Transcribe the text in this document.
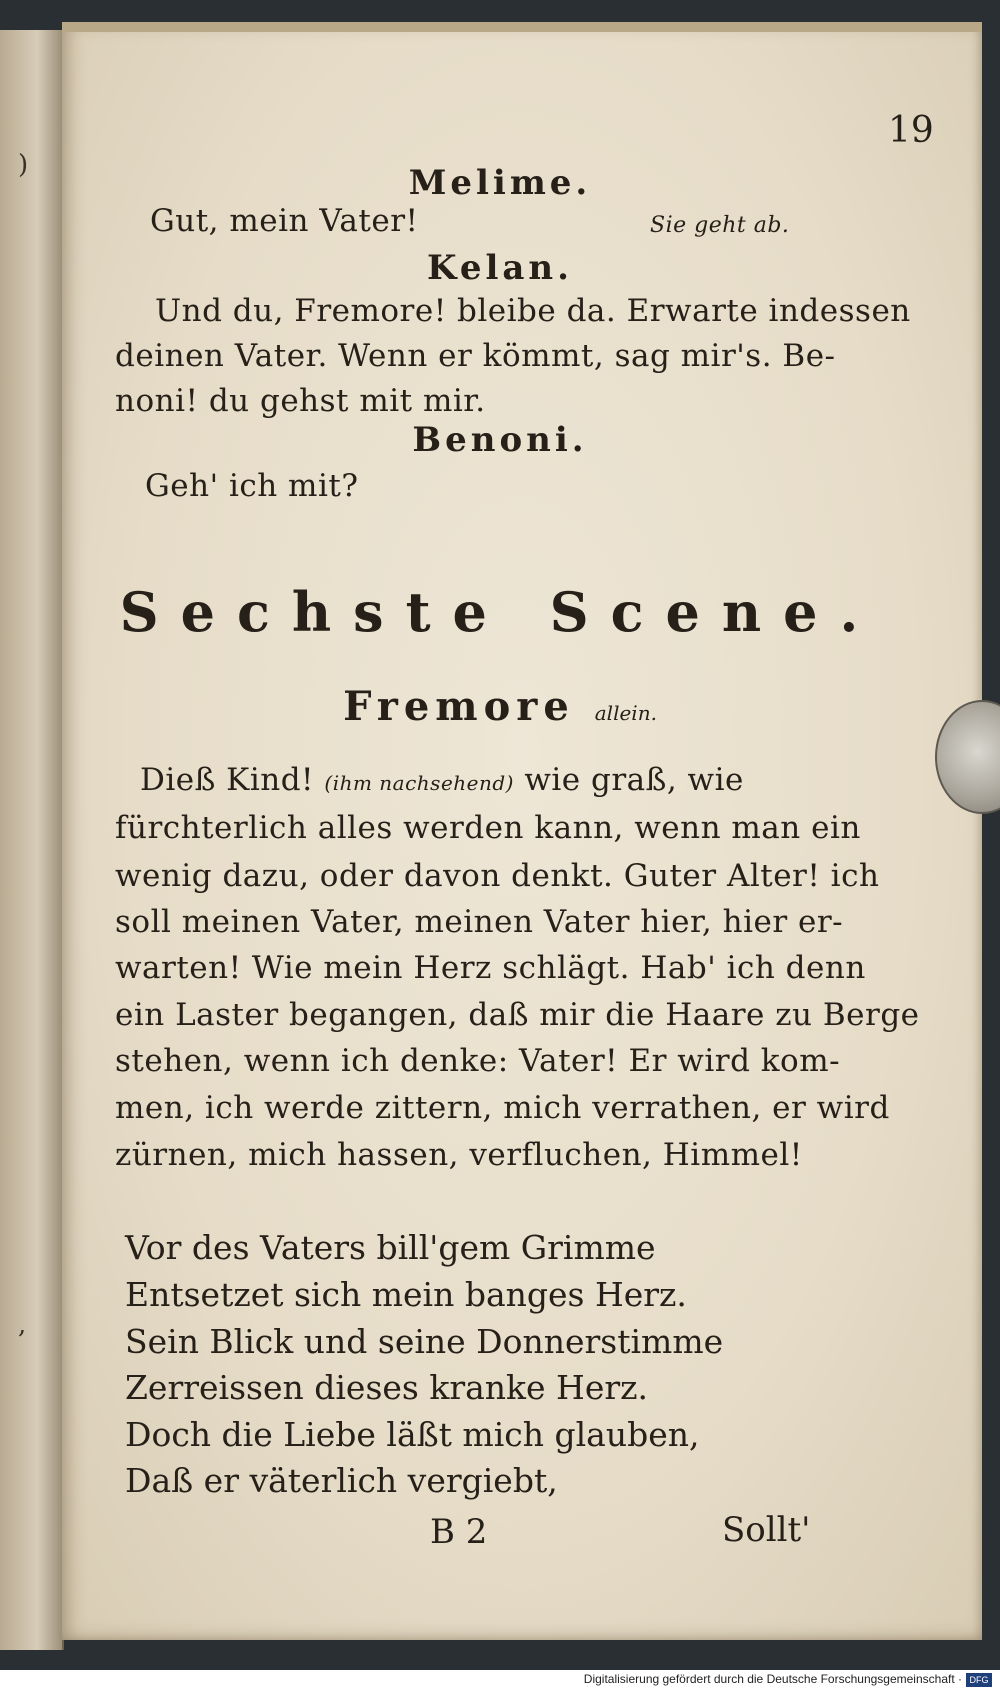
)
,
19
Melime.
Gut, mein Vater!	Sie geht ab.
Kelan.
Und du, Fremore! bleibe da. Erwarte indessen
deinen Vater. Wenn er kömmt, sag mir's. Be-
noni! du gehst mit mir.
Benoni.
Geh' ich mit?
Sechste Scene.
Fremore allein.
Dieß Kind! (ihm nachsehend) wie graß, wie
fürchterlich alles werden kann, wenn man ein
wenig dazu, oder davon denkt. Guter Alter! ich
soll meinen Vater, meinen Vater hier, hier er-
warten! Wie mein Herz schlägt. Hab' ich denn
ein Laster begangen, daß mir die Haare zu Berge
stehen, wenn ich denke: Vater! Er wird kom-
men, ich werde zittern, mich verrathen, er wird
zürnen, mich hassen, verfluchen, Himmel!
Vor des Vaters bill'gem Grimme
Entsetzet sich mein banges Herz.
Sein Blick und seine Donnerstimme
Zerreissen dieses kranke Herz.
Doch die Liebe läßt mich glauben,
Daß er väterlich vergiebt,
B 2	Sollt'
Digitalisierung gefördert durch die Deutsche Forschungsgemeinschaft · DFG
